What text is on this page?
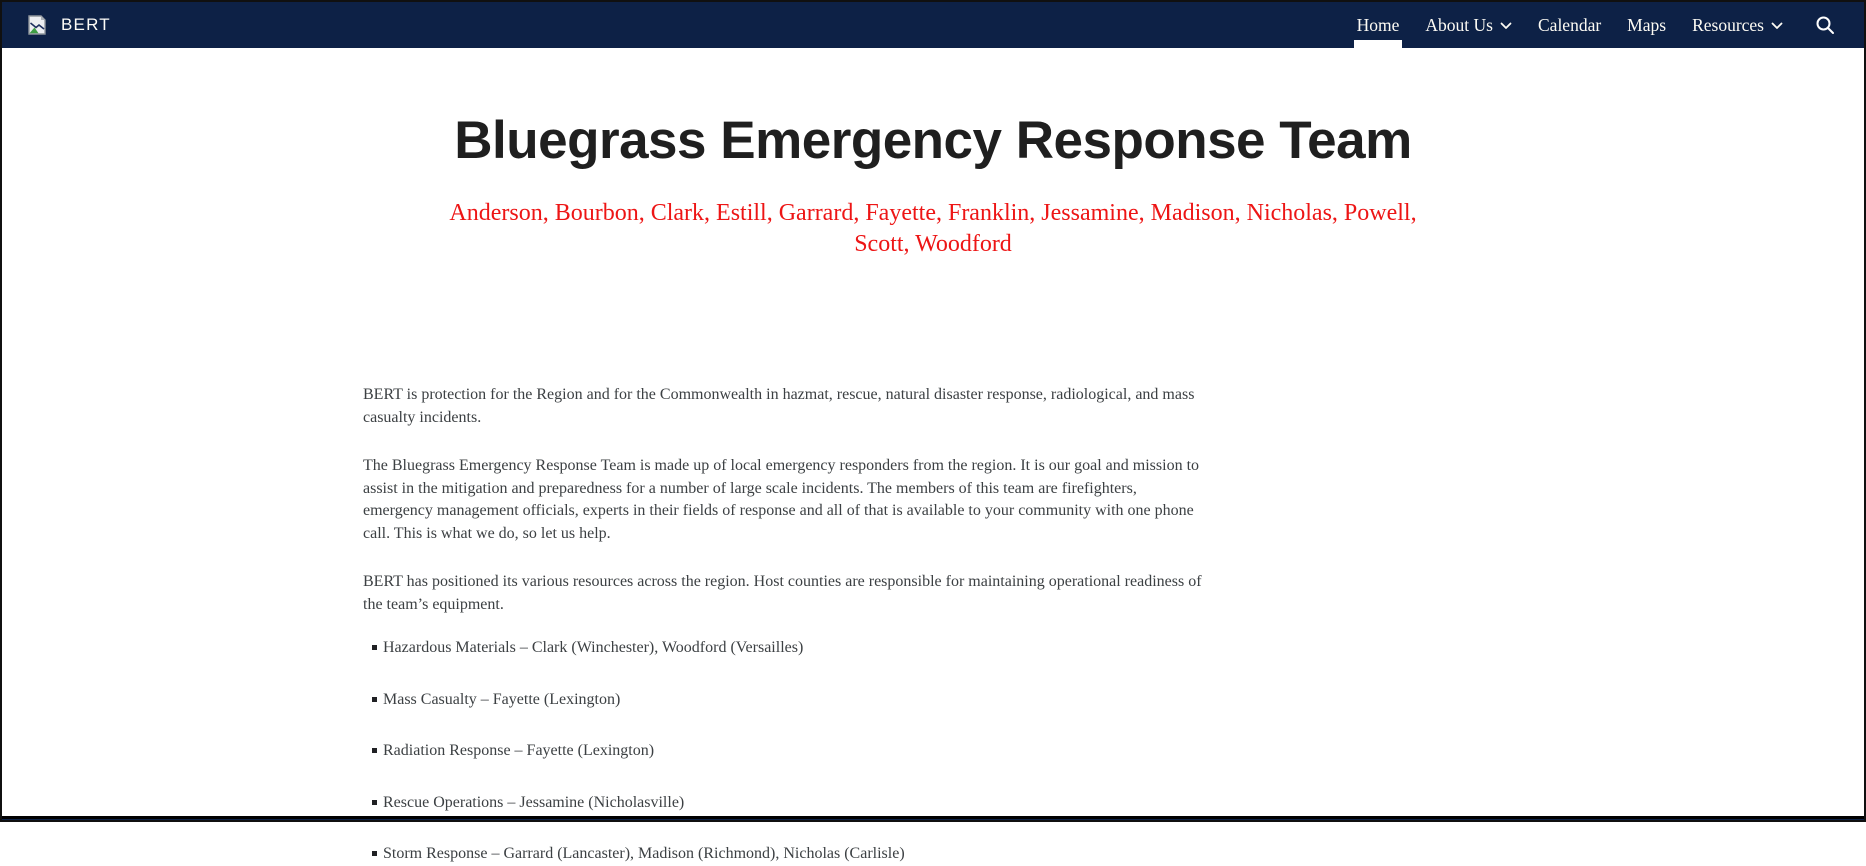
BERT	Home About Us	Calendar Maps Resources
Bluegrass Emergency Response Team
Anderson, Bourbon, Clark, Estill, Garrard, Fayette, Franklin, Jessamine, Madison, Nicholas, Powell,
Scott, Woodford

BERT is protection for the Region and for the Commonwealth in hazmat, rescue, natural disaster response, radiological, and mass casualty incidents.

The Bluegrass Emergency Response Team is made up of local emergency responders from the region. It is our goal and mission to assist in the mitigation and preparedness for a number of large scale incidents. The members of this team are firefighters, emergency management officials, experts in their fields of response and all of that is available to your community with one phone call. This is what we do, so let us help.

BERT has positioned its various resources across the region. Host counties are responsible for maintaining operational readiness of the team’s equipment.

Hazardous Materials – Clark (Winchester), Woodford (Versailles)
Mass Casualty – Fayette (Lexington)
Radiation Response – Fayette (Lexington)
Rescue Operations – Jessamine (Nicholasville)
Storm Response – Garrard (Lancaster), Madison (Richmond), Nicholas (Carlisle)
